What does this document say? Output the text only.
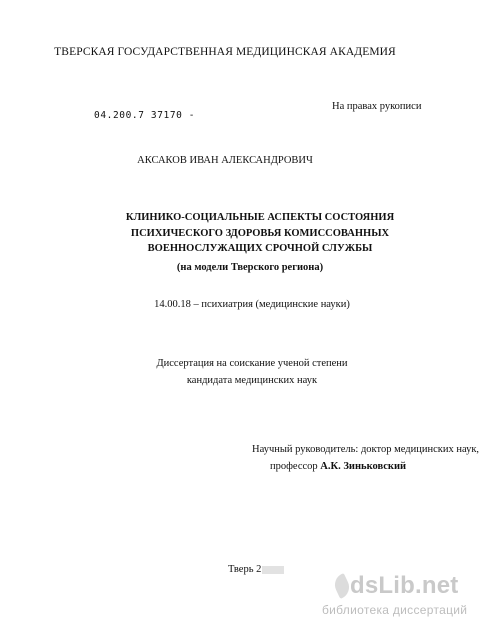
ТВЕРСКАЯ ГОСУДАРСТВЕННАЯ МЕДИЦИНСКАЯ АКАДЕМИЯ
04.200.7 37170 -
На правах рукописи
АКСАКОВ ИВАН АЛЕКСАНДРОВИЧ
КЛИНИКО-СОЦИАЛЬНЫЕ АСПЕКТЫ СОСТОЯНИЯ
ПСИХИЧЕСКОГО ЗДОРОВЬЯ КОМИССОВАННЫХ
ВОЕННОСЛУЖАЩИХ СРОЧНОЙ СЛУЖБЫ
(на модели Тверского региона)
14.00.18 – психиатрия (медицинские науки)
Диссертация на соискание ученой степени
кандидата медицинских наук
Научный руководитель: доктор медицинских наук,
профессор А.К. Зиньковский
Тверь 2
dsLib.net
библиотека диссертаций
